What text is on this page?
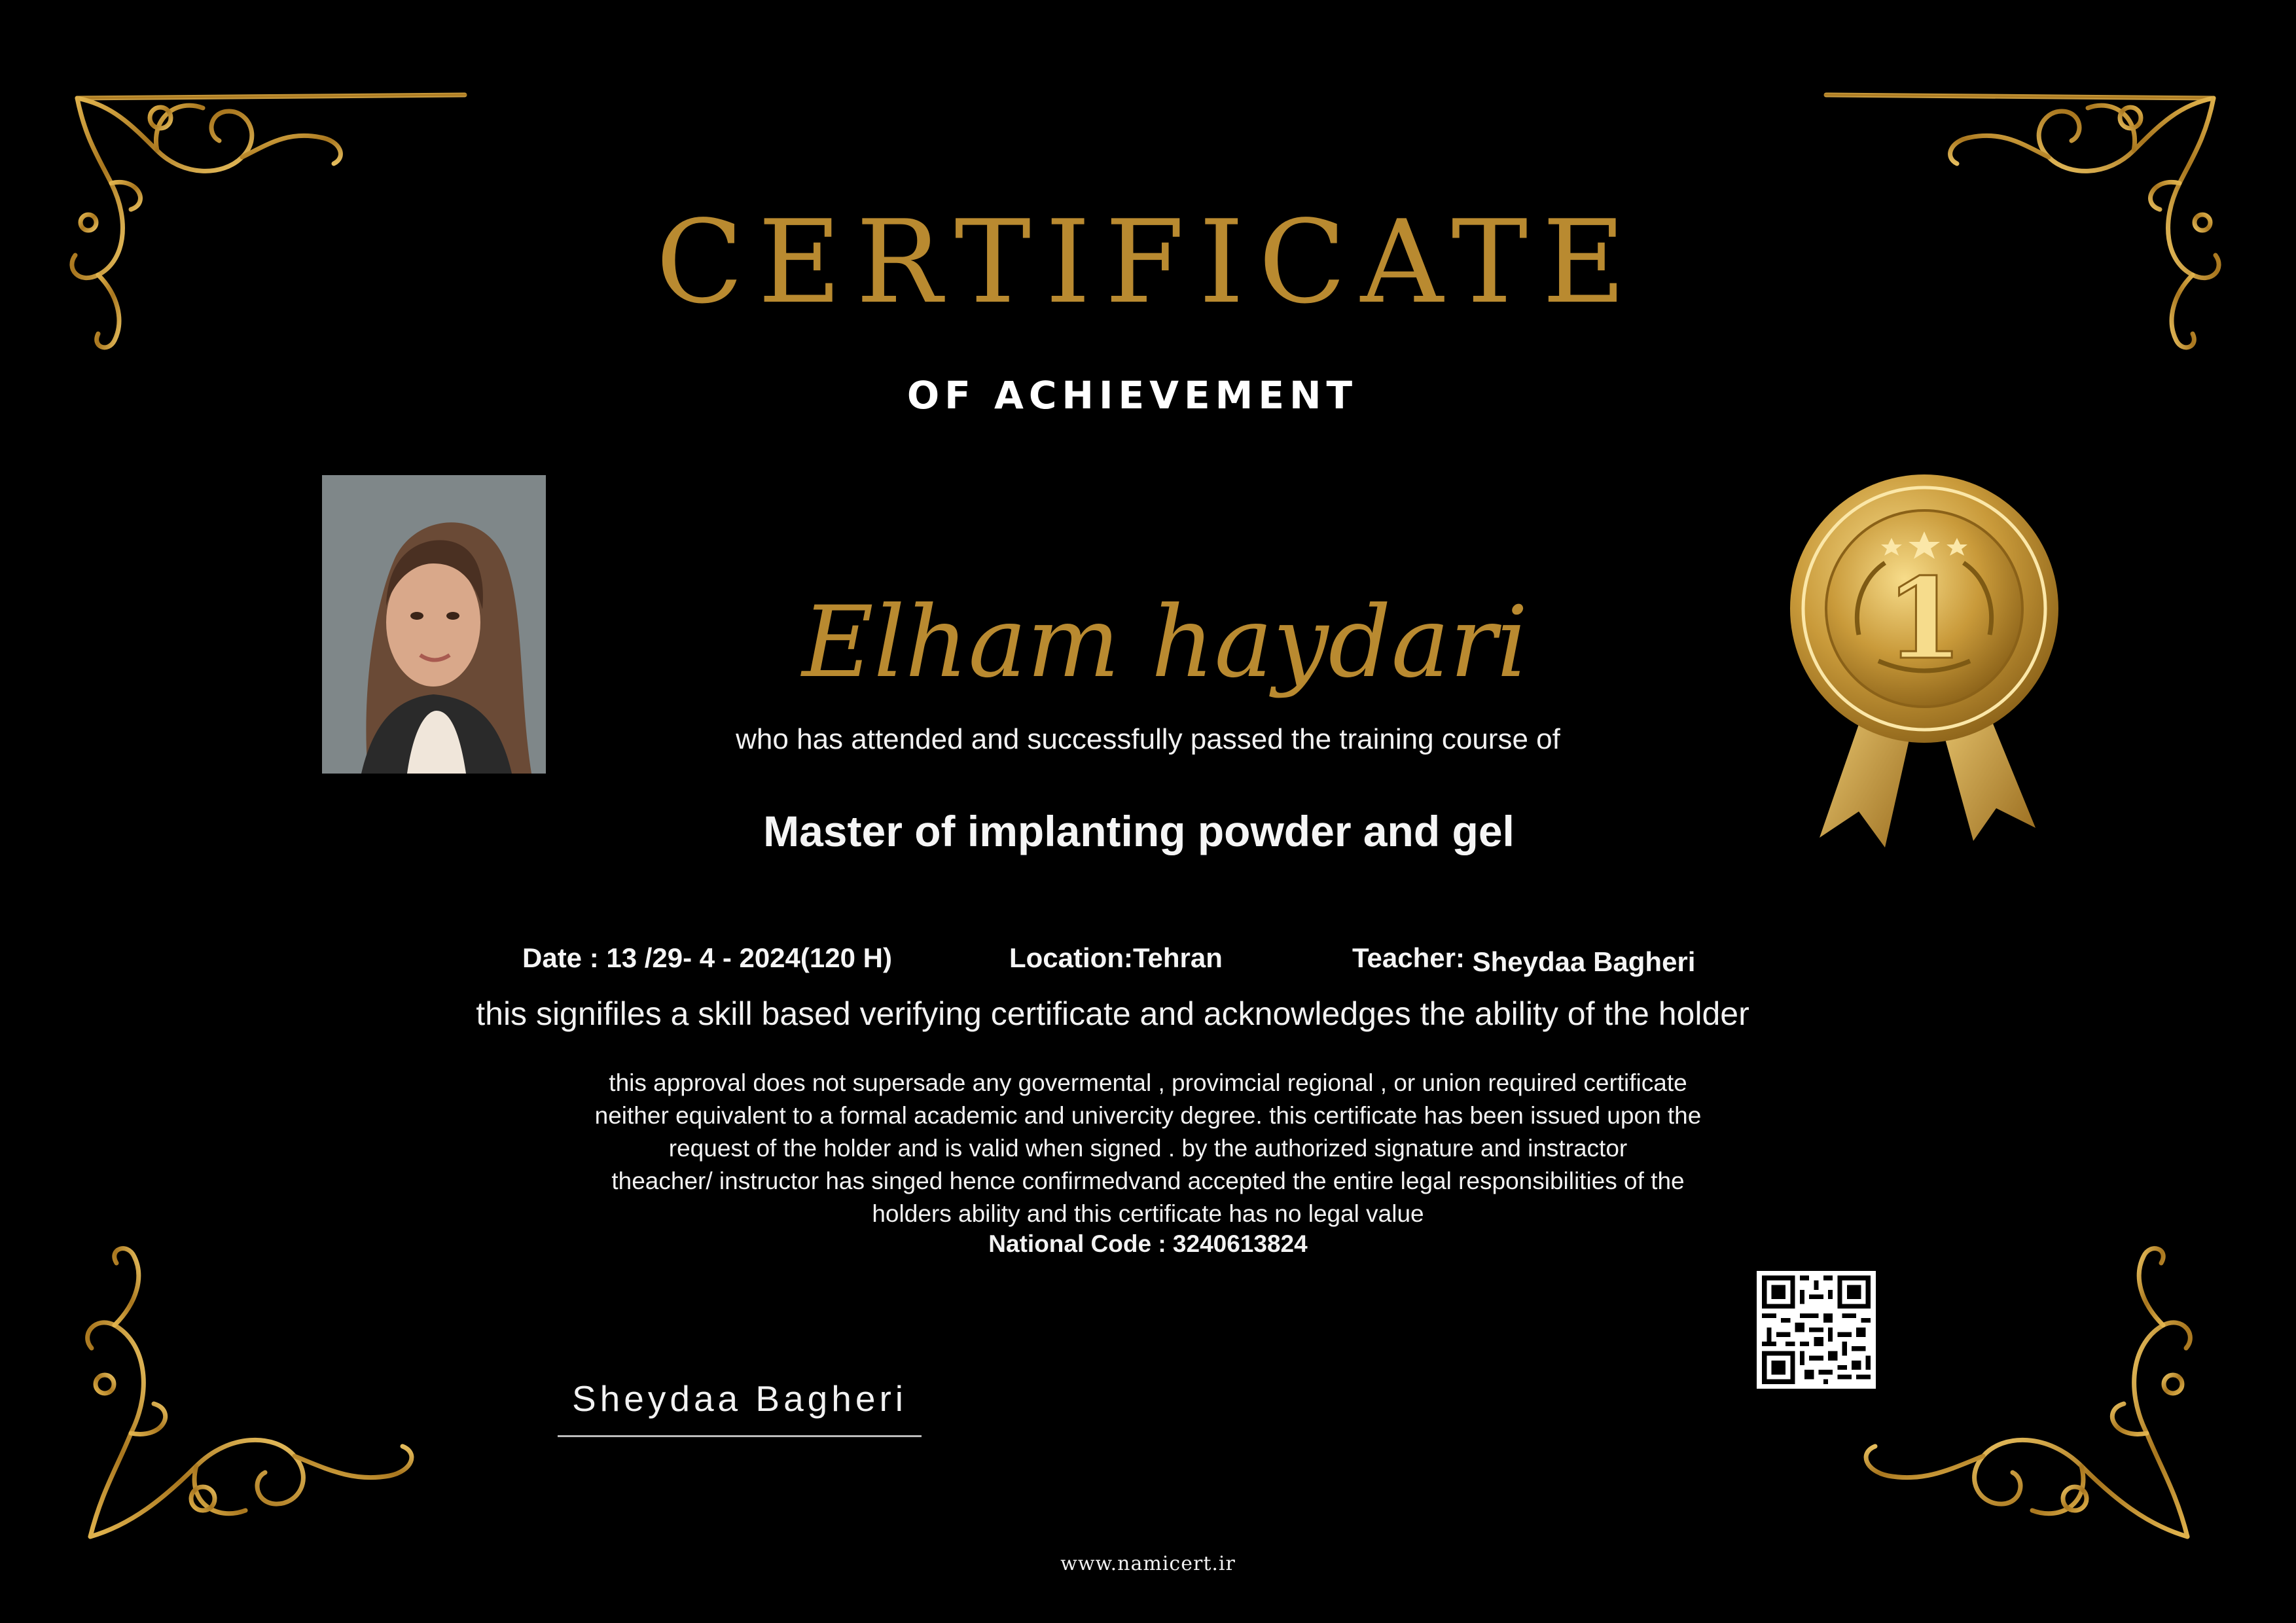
CERTIFICATE
OF ACHIEVEMENT
Elham haydari
who has attended and successfully passed the training course of
Master of implanting powder and gel
Date : 13 /29- 4 - 2024(120 H)	Location:Tehran	Teacher: Sheydaa Bagheri
this signifiles a skill based verifying certificate and acknowledges the ability of the holder
this approval does not supersade any govermental , provimcial regional , or union required certificate
neither equivalent to a formal academic and univercity degree. this certificate has been issued upon the
request of the holder and is valid when signed . by the authorized signature and instractor
theacher/ instructor has singed hence confirmedvand accepted the entire legal responsibilities of the
holders ability and this certificate has no legal value
National Code : 3240613824
1
Sheydaa Bagheri
www.namicert.ir
